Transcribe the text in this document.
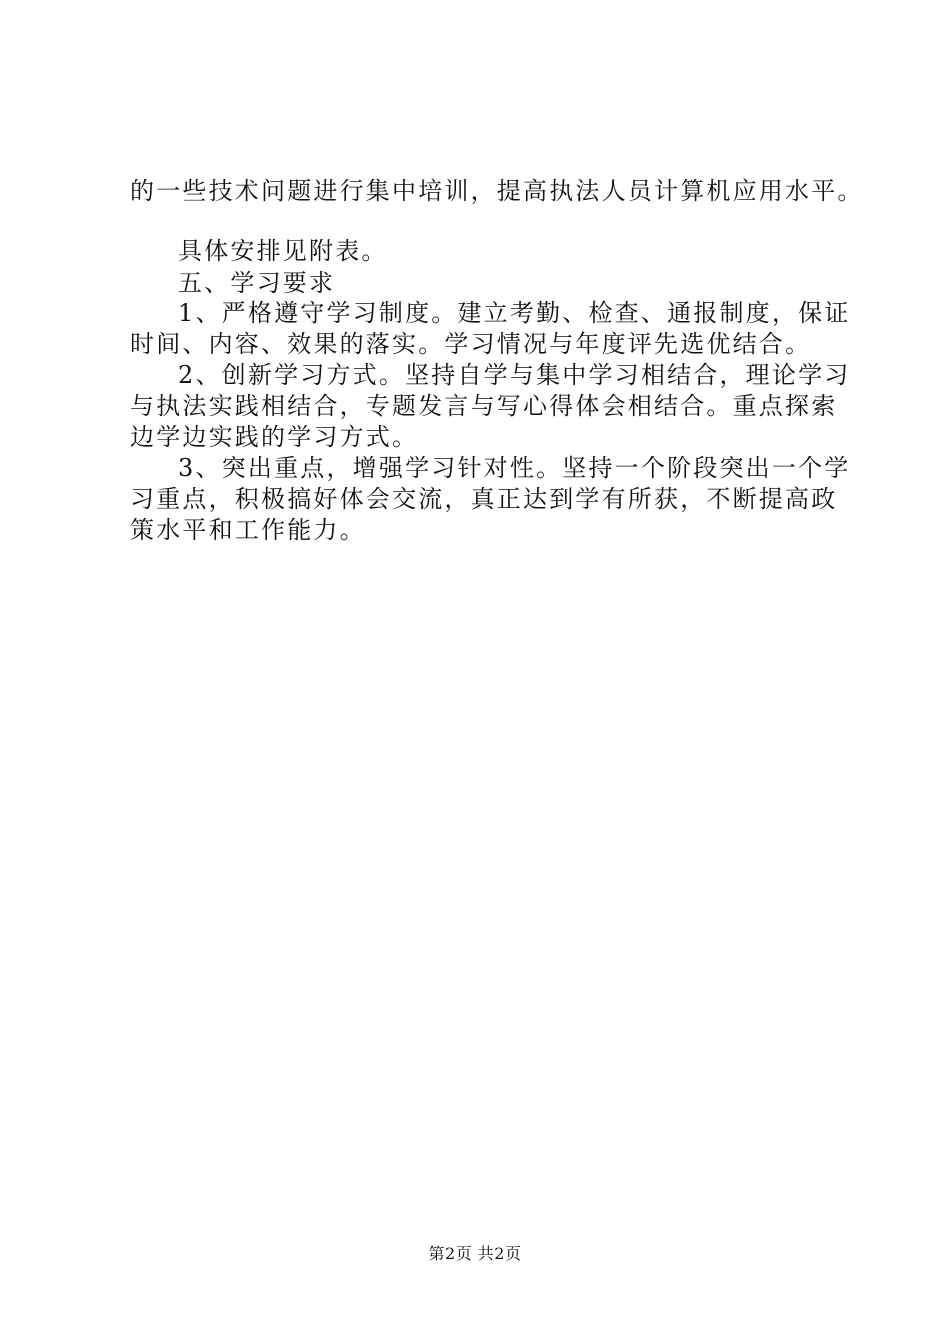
的一些技术问题进行集中培训，提高执法人员计算机应用水平。
具体安排见附表。
五、学习要求
1、严格遵守学习制度。建立考勤、检查、通报制度，保证
时间、内容、效果的落实。学习情况与年度评先选优结合。
2、创新学习方式。坚持自学与集中学习相结合，理论学习
与执法实践相结合，专题发言与写心得体会相结合。重点探索
边学边实践的学习方式。
3、突出重点，增强学习针对性。坚持一个阶段突出一个学
习重点，积极搞好体会交流，真正达到学有所获，不断提高政
策水平和工作能力。
第2页 共2页
